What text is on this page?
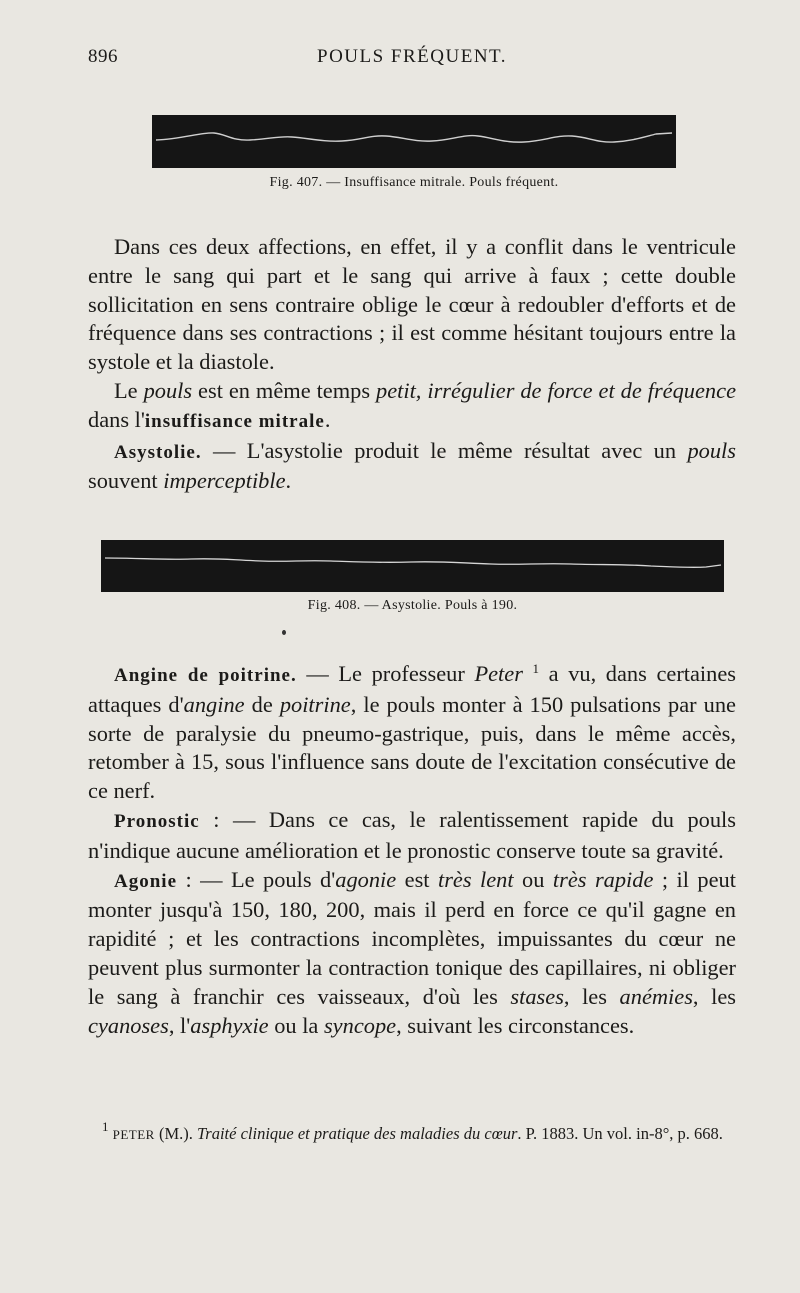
896	POULS FRÉQUENT.
Fig. 407. — Insuffisance mitrale. Pouls fréquent.

Dans ces deux affections, en effet, il y a conflit dans le ventricule entre le sang qui part et le sang qui arrive à faux ; cette double sollicitation en sens contraire oblige le cœur à redoubler d'efforts et de fréquence dans ses contractions ; il est comme hésitant toujours entre la systole et la diastole.

Le pouls est en même temps petit, irrégulier de force et de fréquence dans l'insuffisance mitrale.

Asystolie. — L'asystolie produit le même résultat avec un pouls souvent imperceptible.

Fig. 408. — Asystolie. Pouls à 190.

Angine de poitrine. — Le professeur Peter $^1$ a vu, dans certaines attaques d'angine de poitrine, le pouls monter à 150 pulsations par une sorte de paralysie du pneumo-gastrique, puis, dans le même accès, retomber à 15, sous l'influence sans doute de l'excitation consécutive de ce nerf.

Pronostic : — Dans ce cas, le ralentissement rapide du pouls n'indique aucune amélioration et le pronostic conserve toute sa gravité.

Agonie : — Le pouls d'agonie est très lent ou très rapide ; il peut monter jusqu'à 150, 180, 200, mais il perd en force ce qu'il gagne en rapidité ; et les contractions incomplètes, impuissantes du cœur ne peuvent plus surmonter la contraction tonique des capillaires, ni obliger le sang à franchir ces vaisseaux, d'où les stases, les anémies, les cyanoses, l'asphyxie ou la syncope, suivant les circonstances.

$^1$ PETER (M.). Traité clinique et pratique des maladies du cœur. P. 1883. Un vol. in-8°, p. 668.
